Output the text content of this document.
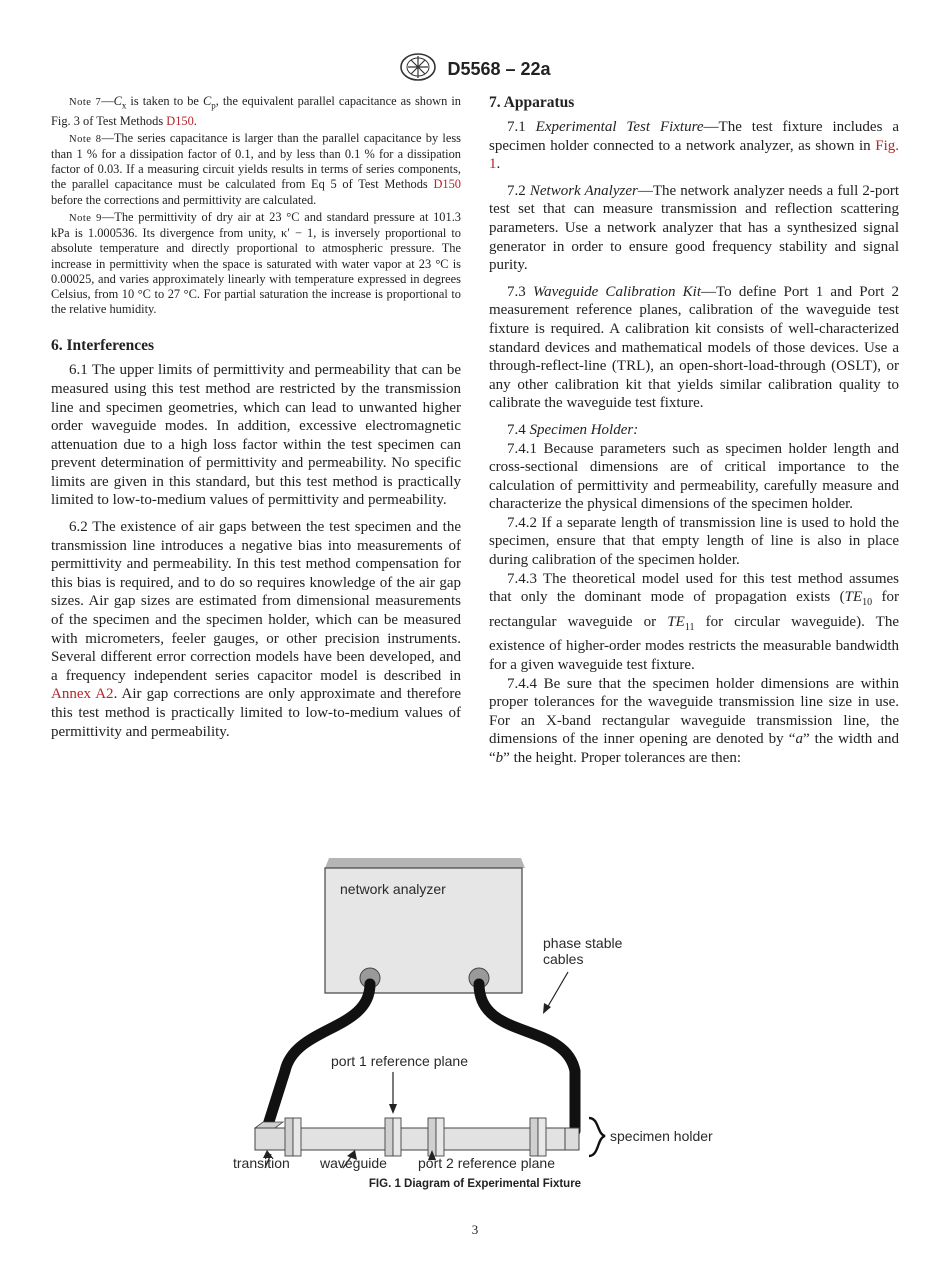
D5568 – 22a

Note $7—C_x$ is taken to be $C_p$, the equivalent parallel capacitance as shown in Fig. 3 of Test Methods D150.

Note 8—The series capacitance is larger than the parallel capacitance by less than 1 % for a dissipation factor of 0.1, and by less than 0.1 % for a dissipation factor of 0.03. If a measuring circuit yields results in terms of series components, the parallel capacitance must be calculated from Eq 5 of Test Methods D150 before the corrections and permittivity are calculated.

Note 9—The permittivity of dry air at 23 °C and standard pressure at 101.3 kPa is 1.000536. Its divergence from unity, κ′ − 1, is inversely proportional to absolute temperature and directly proportional to atmospheric pressure. The increase in permittivity when the space is saturated with water vapor at 23 °C is 0.00025, and varies approximately linearly with temperature expressed in degrees Celsius, from 10 °C to 27 °C. For partial saturation the increase is proportional to the relative humidity.

6. Interferences

6.1 The upper limits of permittivity and permeability that can be measured using this test method are restricted by the transmission line and specimen geometries, which can lead to unwanted higher order waveguide modes. In addition, excessive electromagnetic attenuation due to a high loss factor within the test specimen can prevent determination of permittivity and permeability. No specific limits are given in this standard, but this test method is practically limited to low-to-medium values of permittivity and permeability.

6.2 The existence of air gaps between the test specimen and the transmission line introduces a negative bias into measurements of permittivity and permeability. In this test method compensation for this bias is required, and to do so requires knowledge of the air gap sizes. Air gap sizes are estimated from dimensional measurements of the specimen and the specimen holder, which can be measured with micrometers, feeler gauges, or other precision instruments. Several different error correction models have been developed, and a frequency independent series capacitor model is described in Annex A2. Air gap corrections are only approximate and therefore this test method is practically limited to low-to-medium values of permittivity and permeability.

7. Apparatus

7.1 Experimental Test Fixture—The test fixture includes a specimen holder connected to a network analyzer, as shown in Fig. 1.

7.2 Network Analyzer—The network analyzer needs a full 2-port test set that can measure transmission and reflection scattering parameters. Use a network analyzer that has a synthesized signal generator in order to ensure good frequency stability and signal purity.

7.3 Waveguide Calibration Kit—To define Port 1 and Port 2 measurement reference planes, calibration of the waveguide test fixture is required. A calibration kit consists of well-characterized standard devices and mathematical models of those devices. Use a through-reflect-line (TRL), an open-short-load-through (OSLT), or any other calibration kit that yields similar calibration quality to calibrate the waveguide test fixture.

7.4 Specimen Holder:

7.4.1 Because parameters such as specimen holder length and cross-sectional dimensions are of critical importance to the calculation of permittivity and permeability, carefully measure and characterize the physical dimensions of the specimen holder.

7.4.2 If a separate length of transmission line is used to hold the specimen, ensure that that empty length of line is also in place during calibration of the specimen holder.

7.4.3 The theoretical model used for this test method assumes that only the dominant mode of propagation exists ($TE_{10}$ for rectangular waveguide or $TE_{11}$ for circular waveguide). The existence of higher-order modes restricts the measurable bandwidth for a given waveguide test fixture.

7.4.4 Be sure that the specimen holder dimensions are within proper tolerances for the waveguide transmission line size in use. For an X-band rectangular waveguide transmission line, the dimensions of the inner opening are denoted by “a” the width and “b” the height. Proper tolerances are then:

network analyzer
phase stable
cables
port 1 reference plane
specimen holder
transition waveguide port 2 reference plane
FIG. 1 Diagram of Experimental Fixture
3
